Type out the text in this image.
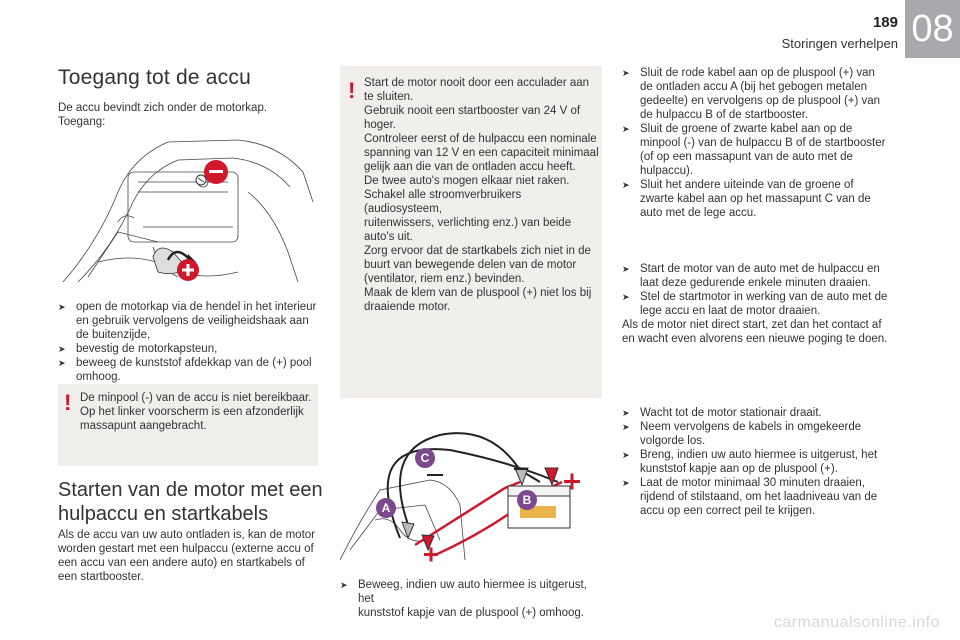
08
189
Storingen verhelpen
Toegang tot de accu
De accu bevindt zich onder de motorkap.
Toegang:
➤ open de motorkap via de hendel in het interieur
en gebruik vervolgens de veiligheidshaak aan
de buitenzijde,
➤ bevestig de motorkapsteun,
➤ beweeg de kunststof afdekkap van de (+) pool
omhoog.
! De minpool (-) van de accu is niet bereikbaar.
Op het linker voorscherm is een afzonderlijk
massapunt aangebracht.
Starten van de motor met een
hulpaccu en startkabels
Als de accu van uw auto ontladen is, kan de motor
worden gestart met een hulpaccu (externe accu of
een accu van een andere auto) en startkabels of
een startbooster.
! Start de motor nooit door een acculader aan
te sluiten.
Gebruik nooit een startbooster van 24 V of
hoger.
Controleer eerst of de hulpaccu een nominale
spanning van 12 V en een capaciteit minimaal
gelijk aan die van de ontladen accu heeft.
De twee auto's mogen elkaar niet raken.
Schakel alle stroomverbruikers (audiosysteem,
ruitenwissers, verlichting enz.) van beide
auto's uit.
Zorg ervoor dat de startkabels zich niet in de
buurt van bewegende delen van de motor
(ventilator, riem enz.) bevinden.
Maak de klem van de pluspool (+) niet los bij
draaiende motor.
C
B
A
➤ Beweeg, indien uw auto hiermee is uitgerust, het
kunststof kapje van de pluspool (+) omhoog.
➤ Sluit de rode kabel aan op de pluspool (+) van
de ontladen accu A (bij het gebogen metalen
gedeelte) en vervolgens op de pluspool (+) van
de hulpaccu B of de startbooster.
➤ Sluit de groene of zwarte kabel aan op de
minpool (-) van de hulpaccu B of de startbooster
(of op een massapunt van de auto met de
hulpaccu).
➤ Sluit het andere uiteinde van de groene of
zwarte kabel aan op het massapunt C van de
auto met de lege accu.
➤ Start de motor van de auto met de hulpaccu en
laat deze gedurende enkele minuten draaien.
➤ Stel de startmotor in werking van de auto met de
lege accu en laat de motor draaien.
Als de motor niet direct start, zet dan het contact af
en wacht even alvorens een nieuwe poging te doen.
➤ Wacht tot de motor stationair draait.
➤ Neem vervolgens de kabels in omgekeerde
volgorde los.
➤ Breng, indien uw auto hiermee is uitgerust, het
kunststof kapje aan op de pluspool (+).
➤ Laat de motor minimaal 30 minuten draaien,
rijdend of stilstaand, om het laadniveau van de
accu op een correct peil te krijgen.
carmanualsonline.info
